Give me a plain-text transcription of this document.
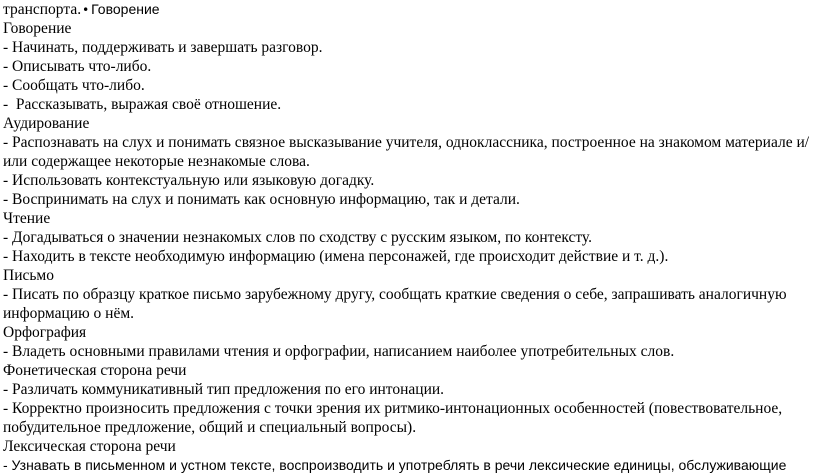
транспорта.• Говорение
Говорение
- Начинать, поддерживать и завершать разговор.
- Описывать что-либо.
- Сообщать что-либо.
-  Рассказывать, выражая своё отношение.
Аудирование
- Распознавать на слух и понимать связное высказывание учителя, одноклассника, построенное на знакомом материале и/или содержащее некоторые незнакомые слова.
- Использовать контекстуальную или языковую догадку.
- Воспринимать на слух и понимать как основную информацию, так и детали.
Чтение
- Догадываться о значении незнакомых слов по сходству с русским языком, по контексту.
- Находить в тексте необходимую информацию (имена персонажей, где происходит действие и т. д.).
Письмо
- Писать по образцу краткое письмо зарубежному другу, сообщать краткие сведения о себе, запрашивать аналогичную информацию о нём.
Орфография
- Владеть основными правилами чтения и орфографии, написанием наиболее употребительных слов.
Фонетическая сторона речи
- Различать коммуникативный тип предложения по его интонации.
- Корректно произносить предложения с точки зрения их ритмико-интонационных особенностей (повествовательное, побудительное предложение, общий и специальный вопросы).
Лексическая сторона речи
- Узнавать в письменном и устном тексте, воспроизводить и употреблять в речи лексические единицы, обслуживающие
